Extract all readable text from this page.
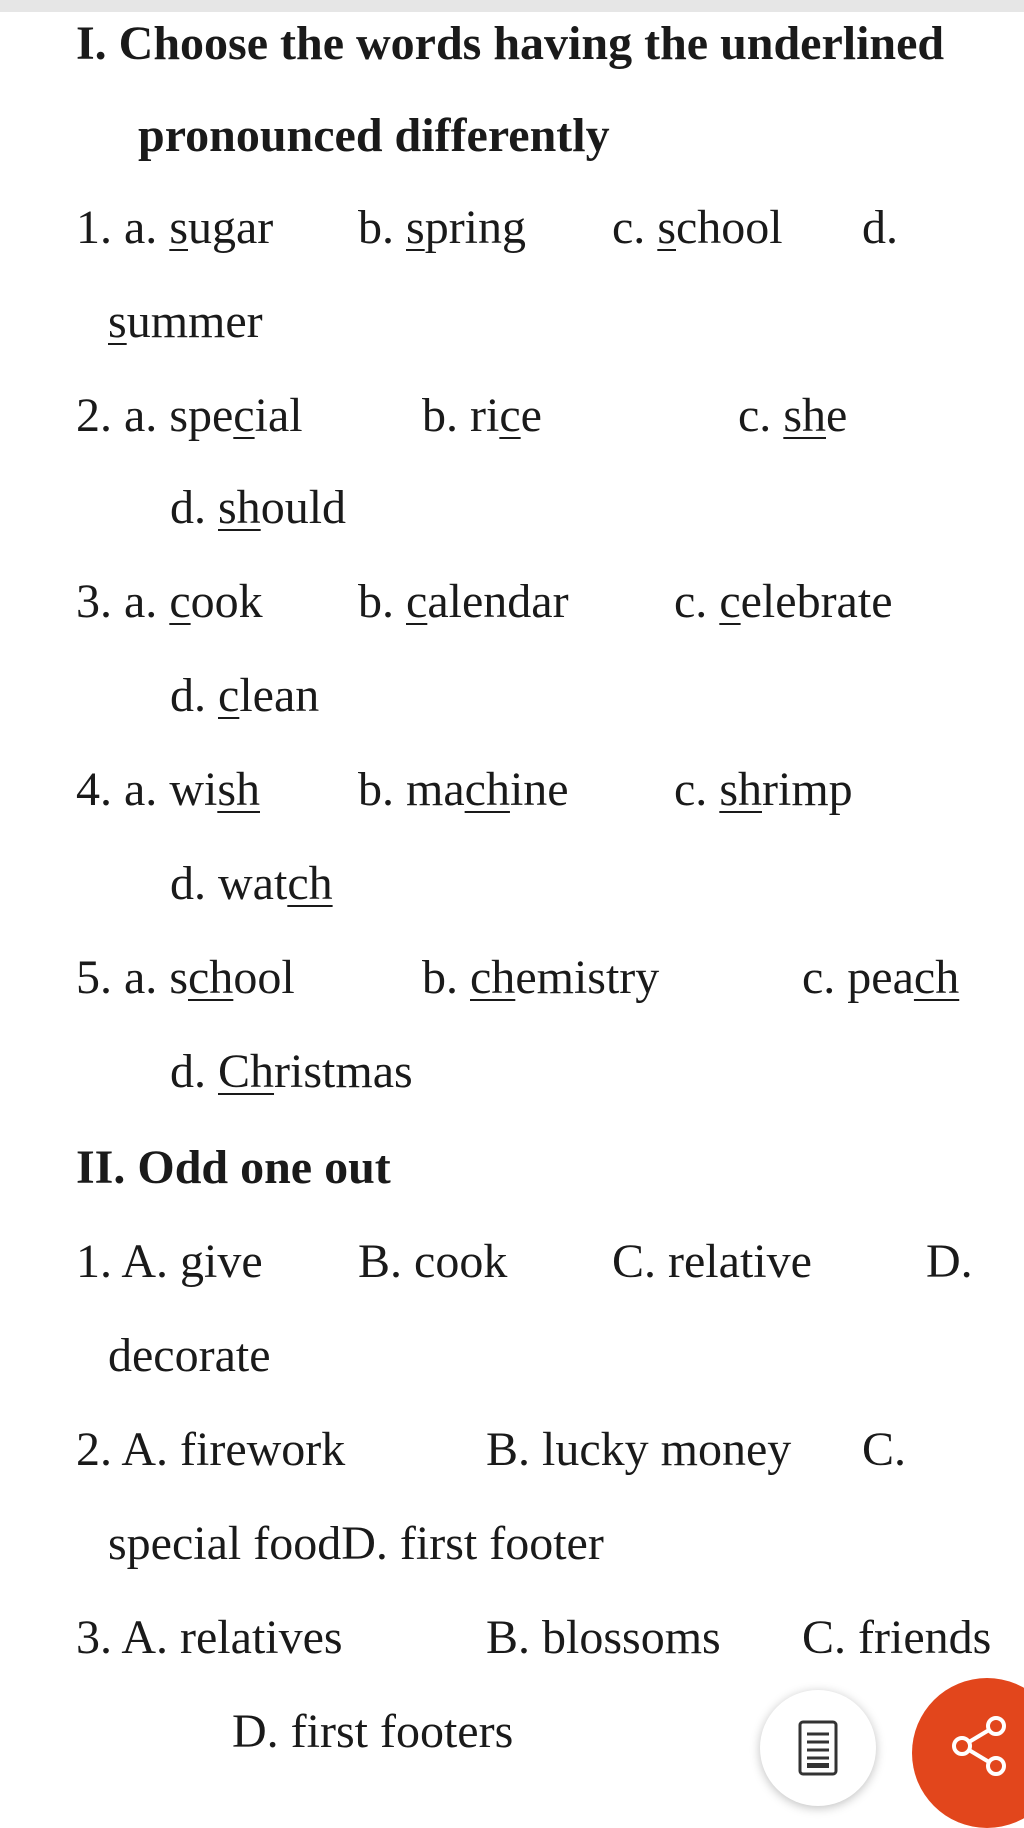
I. Choose the words having the underlined
pronounced differently
1. a. sugar b. spring c. school d.
summer
2. a. special b. rice	c. she
d. should
3. a. cook b. calendar c. celebrate
d. clean
4. a. wish b. machine c. shrimp
d. watch
5. a. school	b. chemistry	c. peach
d. Christmas
II. Odd one out
1. A. give B. cook C. relative D.
decorate
2. A. firework	B. lucky money C.
special foodD. first footer
3. A. relatives	B. blossoms C. friends
D. first footers
